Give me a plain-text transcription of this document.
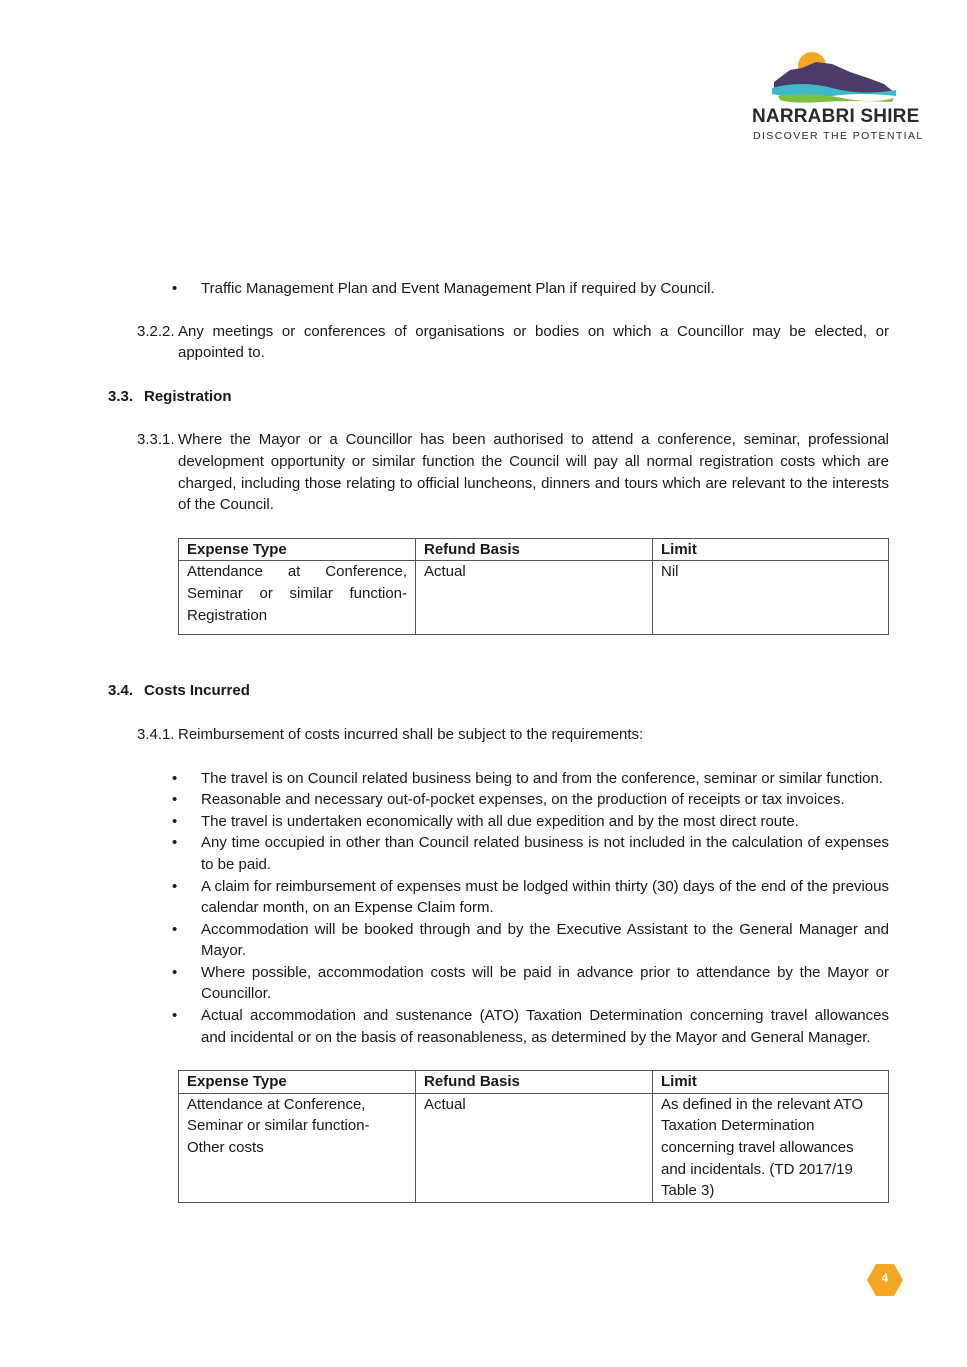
NARRABRI SHIRE
DISCOVER THE POTENTIAL
• Traffic Management Plan and Event Management Plan if required by Council.

3.2.2. Any meetings or conferences of organisations or bodies on which a Councillor may be elected, or appointed to.

3.3. Registration

3.3.1. Where the Mayor or a Councillor has been authorised to attend a conference, seminar, professional development opportunity or similar function the Council will pay all normal registration costs which are charged, including those relating to official luncheons, dinners and tours which are relevant to the interests of the Council.

Expense Type	Refund Basis	Limit
Attendance at Conference, Seminar or similar function-Registration	Actual	Nil
3.4. Costs Incurred

3.4.1. Reimbursement of costs incurred shall be subject to the requirements:

• The travel is on Council related business being to and from the conference, seminar or similar function.
• Reasonable and necessary out-of-pocket expenses, on the production of receipts or tax invoices.
• The travel is undertaken economically with all due expedition and by the most direct route.
• Any time occupied in other than Council related business is not included in the calculation of expenses to be paid.
• A claim for reimbursement of expenses must be lodged within thirty (30) days of the end of the previous calendar month, on an Expense Claim form.
• Accommodation will be booked through and by the Executive Assistant to the General Manager and Mayor.
• Where possible, accommodation costs will be paid in advance prior to attendance by the Mayor or Councillor.
• Actual accommodation and sustenance (ATO) Taxation Determination concerning travel allowances and incidental or on the basis of reasonableness, as determined by the Mayor and General Manager.
Expense Type	Refund Basis	Limit
Attendance at Conference, Seminar or similar function-Other costs	Actual	As defined in the relevant ATO Taxation Determination concerning travel allowances and incidentals. (TD 2017/19 Table 3)
4
